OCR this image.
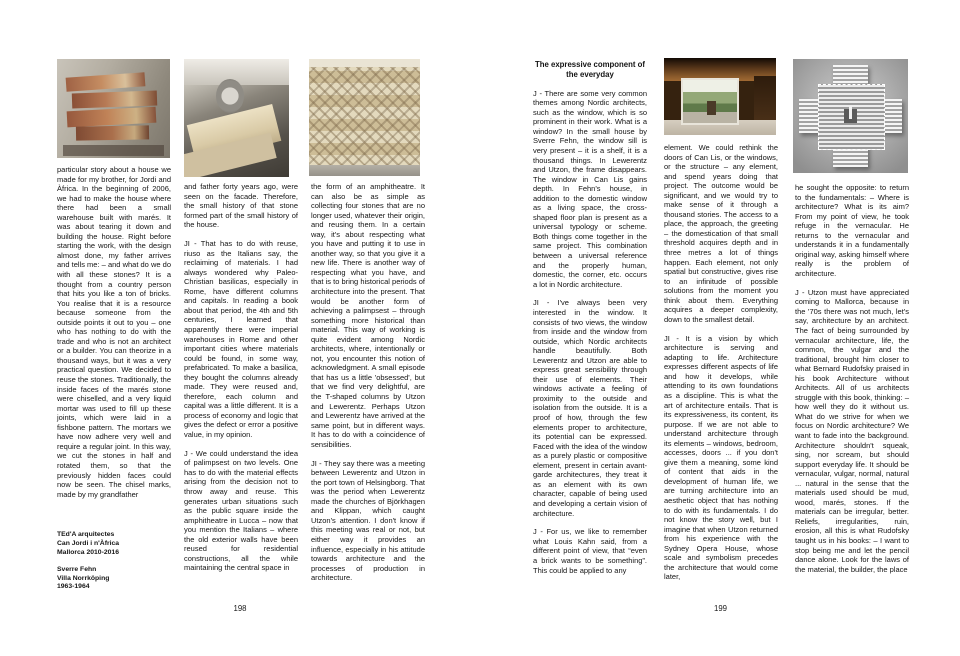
particular story about a house we made for my brother, for Jordi and Àfrica. In the beginning of 2006, we had to make the house where there had been a small warehouse built with marés. It was about tearing it down and building the house. Right before starting the work, with the design almost done, my father arrives and tells me: – and what do we do with all these stones? It is a thought from a country person that hits you like a ton of bricks. You realise that it is a resource because someone from the outside points it out to you – one who has nothing to do with the trade and who is not an architect or a builder. You can theorize in a thousand ways, but it was a very practical question. We decided to reuse the stones. Traditionally, the inside faces of the marés stone were chiselled, and a very liquid mortar was used to fill up these joints, which were laid in a fishbone pattern. The mortars we have now adhere very well and require a regular joint. In this way, we cut the stones in half and rotated them, so that the previously hidden faces could now be seen. The chisel marks, made by my grandfather

and father forty years ago, were seen on the facade. Therefore, the small history of that stone formed part of the small history of the house.

JI - That has to do with reuse, riuso as the Italians say, the reclaiming of materials. I had always wondered why Paleo-Christian basilicas, especially in Rome, have different columns and capitals. In reading a book about that period, the 4th and 5th centuries, I learned that apparently there were imperial warehouses in Rome and other important cities where materials could be found, in some way, prefabricated. To make a basilica, they bought the columns already made. They were reused and, therefore, each column and capital was a little different. It is a process of economy and logic that gives the defect or error a positive value, in my opinion.

J - We could understand the idea of palimpsest on two levels. One has to do with the material effects arising from the decision not to throw away and reuse. This generates urban situations such as the public square inside the amphitheatre in Lucca – now that you mention the Italians – where the old exterior walls have been reused for residential constructions, all the while maintaining the central space in

the form of an amphitheatre. It can also be as simple as collecting four stones that are no longer used, whatever their origin, and reusing them. In a certain way, it's about respecting what you have and putting it to use in another way, so that you give it a new life. There is another way of respecting what you have, and that is to bring historical periods of architecture into the present. That would be another form of achieving a palimpsest – through something more historical than material. This way of working is quite evident among Nordic architects, where, intentionally or not, you encounter this notion of acknowledgment. A small episode that has us a little 'obsessed', but that we find very delightful, are the T-shaped columns by Utzon and Lewerentz. Perhaps Utzon and Lewerentz have arrived at the same point, but in different ways. It has to do with a coincidence of sensibilities.

JI - They say there was a meeting between Lewerentz and Utzon in the port town of Helsingborg. That was the period when Lewerentz made the churches of Björkhagen and Klippan, which caught Utzon's attention. I don't know if this meeting was real or not, but either way it provides an influence, especially in his attitude towards architecture and the processes of production in architecture.

TEd'A arquitectes
Can Jordi i n'Àfrica
Mallorca 2010-2016
Sverre Fehn
Villa Norrköping
1963-1964
198
The expressive component of the everyday

J - There are some very common themes among Nordic architects, such as the window, which is so prominent in their work. What is a window? In the small house by Sverre Fehn, the window sill is very present – it is a shelf, it is a thousand things. In Lewerentz and Utzon, the frame disappears. The window in Can Lis gains depth. In Fehn's house, in addition to the domestic window as a living space, the cross-shaped floor plan is present as a universal typology or scheme. Both things come together in the same project. This combination between a universal reference and the properly human, domestic, the corner, etc. occurs a lot in Nordic architecture.

JI - I've always been very interested in the window. It consists of two views, the window from inside and the window from outside, which Nordic architects handle beautifully. Both Lewerentz and Utzon are able to express great sensibility through their use of elements. Their windows activate a feeling of proximity to the outside and isolation from the outside. It is a proof of how, through the few elements proper to architecture, its potential can be expressed. Faced with the idea of the window as a purely plastic or compositive element, present in certain avant-garde architectures, they treat it as an element with its own character, capable of being used and developing a certain vision of architecture.

J - For us, we like to remember what Louis Kahn said, from a different point of view, that “even a brick wants to be something”. This could be applied to any

element. We could rethink the doors of Can Lis, or the windows, or the structure – any element, and spend years doing that project. The outcome would be significant, and we would try to make sense of it through a thousand stories. The access to a place, the approach, the greeting – the domestication of that small threshold acquires depth and in three metres a lot of things happen. Each element, not only spatial but constructive, gives rise to an infinitude of possible solutions from the moment you think about them. Everything acquires a deeper complexity, down to the smallest detail.

JI - It is a vision by which architecture is serving and adapting to life. Architecture expresses different aspects of life and how it develops, while attending to its own foundations as a discipline. This is what the art of architecture entails. That is its expressiveness, its content, its purpose. If we are not able to understand architecture through its elements – windows, bedroom, accesses, doors ... if you don't give them a meaning, some kind of content that aids in the development of human life, we are turning architecture into an aesthetic object that has nothing to do with its fundamentals. I do not know the story well, but I imagine that when Utzon returned from his experience with the Sydney Opera House, whose scale and symbolism precedes the architecture that would come later,

he sought the opposite: to return to the fundamentals: – Where is architecture? What is its aim? From my point of view, he took refuge in the vernacular. He returns to the vernacular and understands it in a fundamentally original way, asking himself where really is the problem of architecture.

J - Utzon must have appreciated coming to Mallorca, because in the '70s there was not much, let's say, architecture by an architect. The fact of being surrounded by vernacular architecture, life, the common, the vulgar and the traditional, brought him closer to what Bernard Rudofsky praised in his book Architecture without Architects. All of us architects struggle with this book, thinking: – how well they do it without us. What do we strive for when we focus on Nordic architecture? We want to fade into the background. Architecture shouldn't squeak, sing, nor scream, but should support everyday life. It should be vernacular, vulgar, normal, natural ... natural in the sense that the materials used should be mud, wood, marés, stones. If the materials can be irregular, better. Reliefs, irregularities, ruin, erosion, all this is what Rudofsky taught us in his books: – I want to stop being me and let the pencil dance alone. Look for the laws of the material, the builder, the place

199
